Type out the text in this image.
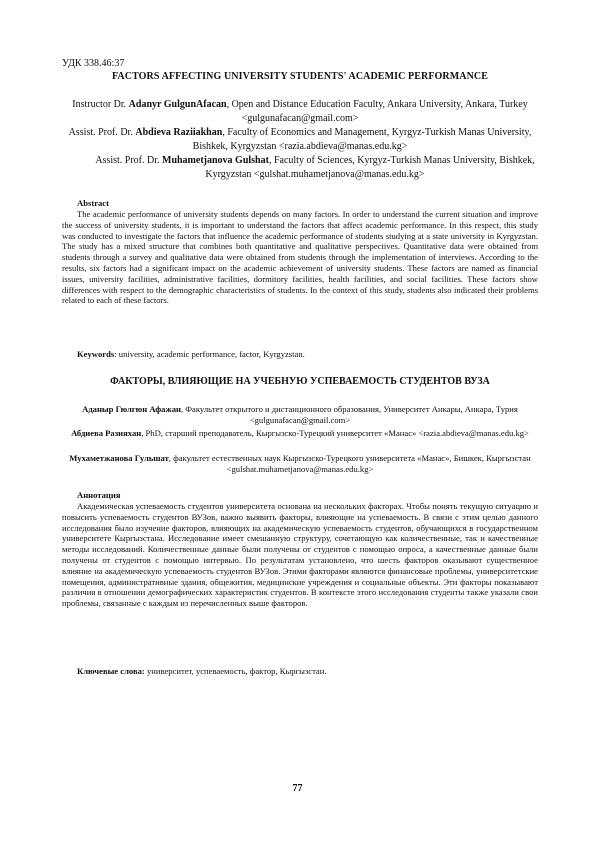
УДК 338.46:37

FACTORS AFFECTING UNIVERSITY STUDENTS' ACADEMIC PERFORMANCE

Instructor Dr. Adanyr GulgunAfacan, Open and Distance Education Faculty, Ankara University, Ankara, Turkey <gulgunafacan@gmail.com>

Assist. Prof. Dr. Abdieva Raziiakhan, Faculty of Economics and Management, Kyrgyz-Turkish Manas University, Bishkek, Kyrgyzstan <razia.abdieva@manas.edu.kg>

Assist. Prof. Dr. Muhametjanova Gulshat, Faculty of Sciences, Kyrgyz-Turkish Manas University, Bishkek, Kyrgyzstan <gulshat.muhametjanova@manas.edu.kg>

Abstract

The academic performance of university students depends on many factors. In order to understand the current situation and improve the success of university students, it is important to understand the factors that affect academic performance. In this respect, this study was conducted to investigate the factors that influence the academic performance of students studying at a state university in Kyrgyzstan. The study has a mixed structure that combines both quantitative and qualitative perspectives. Quantitative data were obtained from students through a survey and qualitative data were obtained from students through the implementation of interviews. According to the results, six factors had a significant impact on the academic achievement of university students. These factors are named as financial issues, university facilities, administrative facilities, dormitory facilities, health facilities, and social facilities. These factors show differences with respect to the demographic characteristics of students. In the context of this study, students also indicated their problems related to each of these factors.

Keywords: university, academic performance, factor, Kyrgyzstan.

ФАКТОРЫ, ВЛИЯЮЩИЕ НА УЧЕБНУЮ УСПЕВАЕМОСТЬ СТУДЕНТОВ ВУЗА

Аданыр Гюлгюн Афажан, Факультет открытого и дистанционного образования, Университет Анкары, Анкара, Турия <gulgunafacan@gmail.com>

Абдиева Разияхан, PhD, старший преподаватель, Кыргызско-Турецкий университет «Манас» <razia.abdieva@manas.edu.kg>

Мухаметжанова Гульшат, факультет естественных наук Кыргызско-Турецкого университета «Манас», Бишкек, Кыргызстан <gulshat.muhametjanova@manas.edu.kg>

Аннотация

Академическая успеваемость студентов университета основана на нескольких факторах. Чтобы понять текущую ситуацию и повысить успеваемость студентов ВУЗов, важно выявить факторы, влияющие на успеваемость. В связи с этим целью данного исследования было изучение факторов, влияющих на академическую успеваемость студентов, обучающихся в государственном университете Кыргызстана. Исследование имеет смешанную структуру, сочетающую как количественные, так и качественные методы исследований. Количественные данные были получены от студентов с помощью опроса, а качественные данные были получены от студентов с помощью интервью. По результатам установлено, что шесть факторов оказывают существенное влияние на академическую успеваемость студентов ВУЗов. Этими факторами являются финансовые проблемы, университетские помещения, административные здания, общежития, медицинские учреждения и социальные объекты. Эти факторы показывают различия в отношении демографических характеристик студентов. В контексте этого исследования студенты также указали свои проблемы, связанные с каждым из перечисленных выше факторов.

Ключевые слова: университет, успеваемость, фактор, Кыргызстан.

77
